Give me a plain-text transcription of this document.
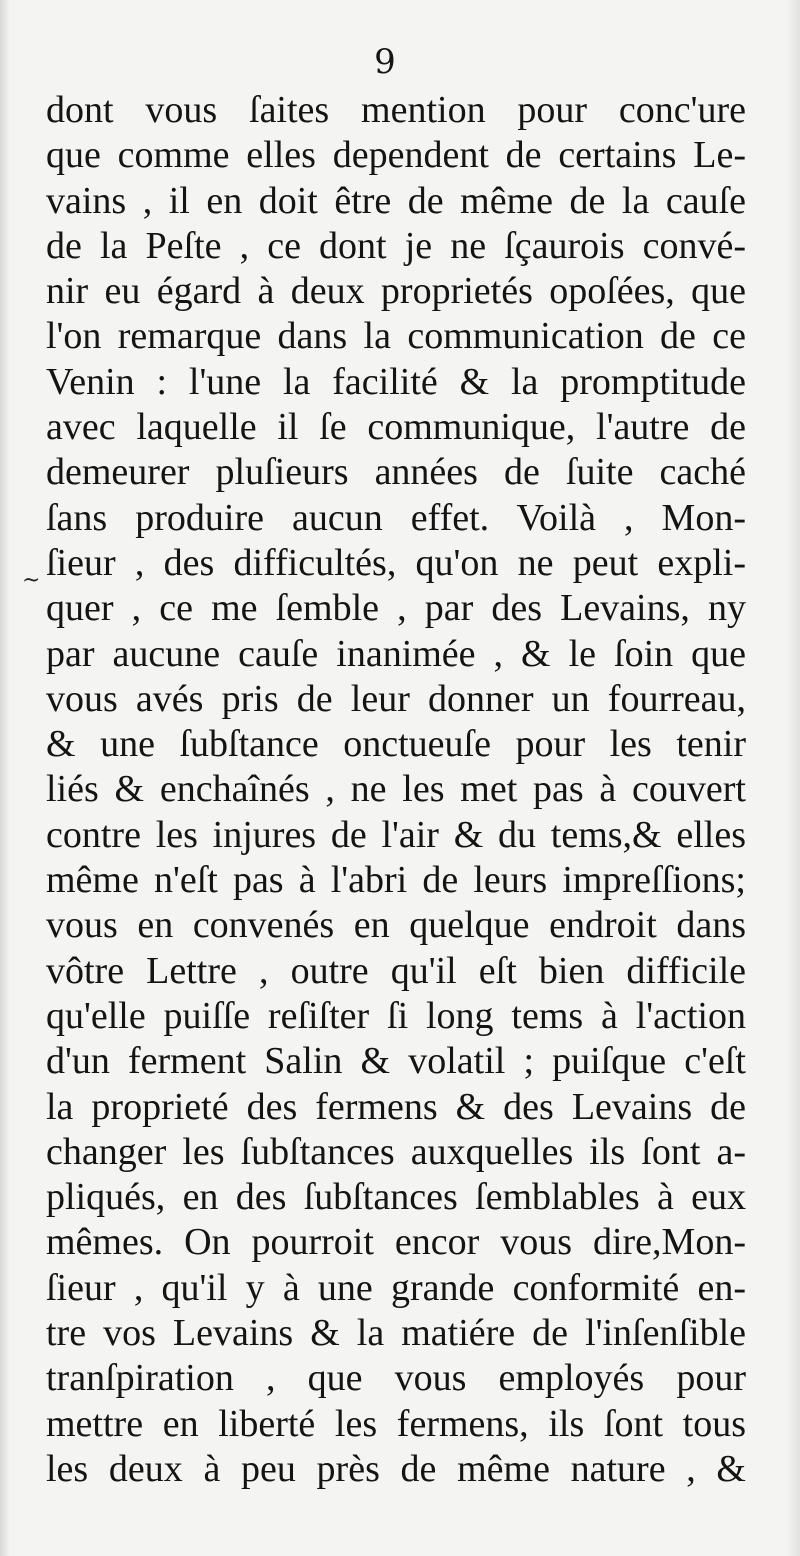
9
~
dont vous ſaites mention pour conc'ure
que comme elles dependent de certains Le-
vains , il en doit être de même de la cauſe
de la Peſte , ce dont je ne ſçaurois convé-
nir eu égard à deux proprietés opoſées, que
l'on remarque dans la communication de ce
Venin : l'une la facilité & la promptitude
avec laquelle il ſe communique, l'autre de
demeurer pluſieurs années de ſuite caché
ſans produire aucun effet. Voilà , Mon-
ſieur , des difficultés, qu'on ne peut expli-
quer , ce me ſemble , par des Levains, ny
par aucune cauſe inanimée , & le ſoin que
vous avés pris de leur donner un fourreau,
& une ſubſtance onctueuſe pour les tenir
liés & enchaînés , ne les met pas à couvert
contre les injures de l'air & du tems,& elles
même n'eſt pas à l'abri de leurs impreſſions;
vous en convenés en quelque endroit dans
vôtre Lettre , outre qu'il eſt bien difficile
qu'elle puiſſe reſiſter ſi long tems à l'action
d'un ferment Salin & volatil ; puiſque c'eſt
la proprieté des fermens & des Levains de
changer les ſubſtances auxquelles ils ſont a-
pliqués, en des ſubſtances ſemblables à eux
mêmes. On pourroit encor vous dire,Mon-
ſieur , qu'il y à une grande conformité en-
tre vos Levains & la matiére de l'inſenſible
tranſpiration , que vous employés pour
mettre en liberté les fermens, ils ſont tous
les deux à peu près de même nature , &
